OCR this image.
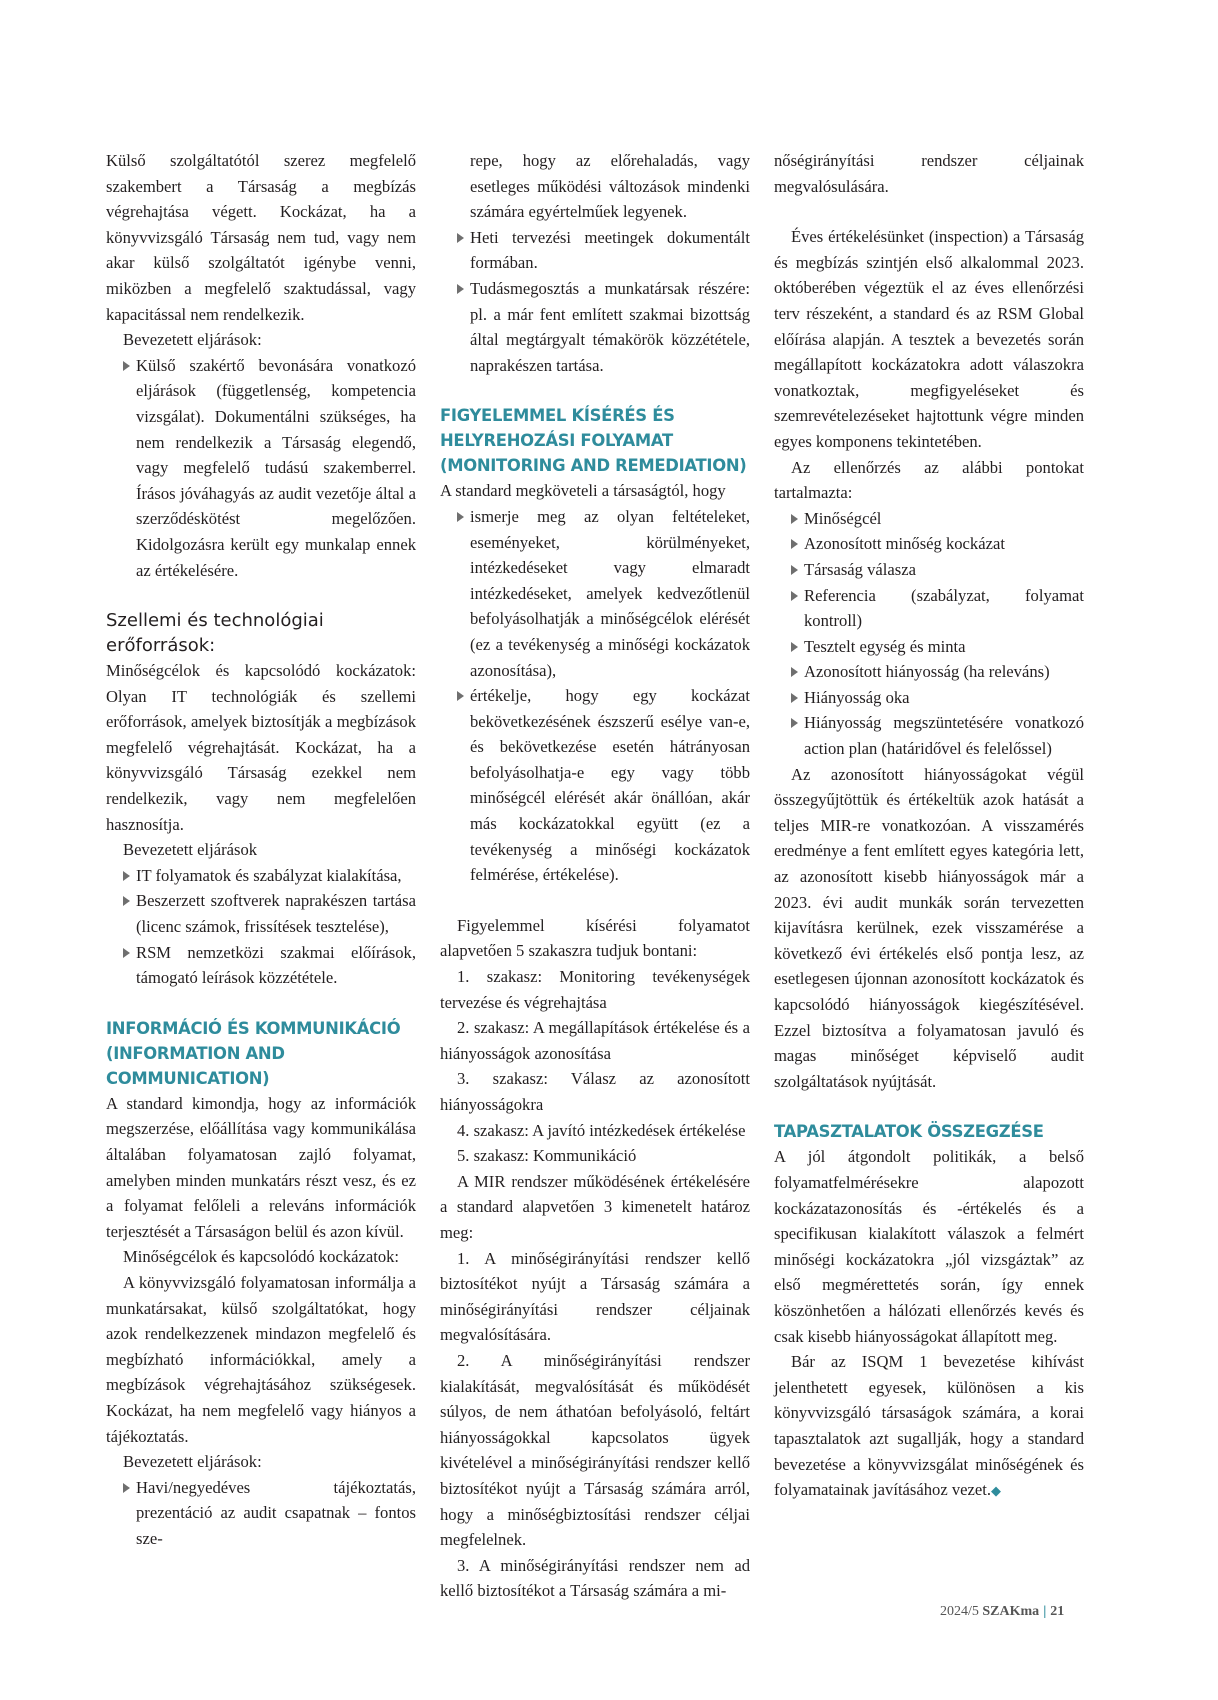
Külső szolgáltatótól szerez megfelelő szakembert a Társaság a megbízás végrehajtása végett. Kockázat, ha a könyvvizsgáló Társaság nem tud, vagy nem akar külső szolgáltatót igénybe venni, miközben a megfelelő szaktudással, vagy kapacitással nem rendelkezik.

Bevezetett eljárások:

Külső szakértő bevonására vonatkozó eljárások (függetlenség, kompetencia vizsgálat). Dokumentálni szükséges, ha nem rendelkezik a Társaság elegendő, vagy megfelelő tudású szakemberrel. Írásos jóváhagyás az audit vezetője által a szerződéskötést megelőzően. Kidolgozásra került egy munkalap ennek az értékelésére.

Szellemi és technológiai erőforrások:

Minőségcélok és kapcsolódó kockázatok: Olyan IT technológiák és szellemi erőforrások, amelyek biztosítják a megbízások megfelelő végrehajtását. Kockázat, ha a könyvvizsgáló Társaság ezekkel nem rendelkezik, vagy nem megfelelően hasznosítja.

Bevezetett eljárások

IT folyamatok és szabályzat kialakítása,
Beszerzett szoftverek naprakészen tartása (licenc számok, frissítések tesztelése),
RSM nemzetközi szakmai előírások, támogató leírások közzététele.

INFORMÁCIÓ ÉS KOMMUNIKÁCIÓ (INFORMATION AND COMMUNICATION)

A standard kimondja, hogy az információk megszerzése, előállítása vagy kommunikálása általában folyamatosan zajló folyamat, amelyben minden munkatárs részt vesz, és ez a folyamat felőleli a releváns információk terjesztését a Társaságon belül és azon kívül.

Minőségcélok és kapcsolódó kockázatok:

A könyvvizsgáló folyamatosan informálja a munkatársakat, külső szolgáltatókat, hogy azok rendelkezzenek mindazon megfelelő és megbízható információkkal, amely a megbízások végrehajtásához szükségesek. Kockázat, ha nem megfelelő vagy hiányos a tájékoztatás.

Bevezetett eljárások:

Havi/negyedéves tájékoztatás, prezentáció az audit csapatnak – fontos sze-
repe, hogy az előrehaladás, vagy esetleges működési változások mindenki számára egyértelműek legyenek.
Heti tervezési meetingek dokumentált formában.
Tudásmegosztás a munkatársak részére: pl. a már fent említett szakmai bizottság által megtárgyalt témakörök közzététele, naprakészen tartása.

FIGYELEMMEL KÍSÉRÉS ÉS HELYREHOZÁSI FOLYAMAT (MONITORING AND REMEDIATION)

A standard megköveteli a társaságtól, hogy

ismerje meg az olyan feltételeket, eseményeket, körülményeket, intézkedéseket vagy elmaradt intézkedéseket, amelyek kedvezőtlenül befolyásolhatják a minőségcélok elérését (ez a tevékenység a minőségi kockázatok azonosítása),
értékelje, hogy egy kockázat bekövetkezésének észszerű esélye van-e, és bekövetkezése esetén hátrányosan befolyásolhatja-e egy vagy több minőségcél elérését akár önállóan, akár más kockázatokkal együtt (ez a tevékenység a minőségi kockázatok felmérése, értékelése).

Figyelemmel kísérési folyamatot alapvetően 5 szakaszra tudjuk bontani:

1. szakasz: Monitoring tevékenységek tervezése és végrehajtása

2. szakasz: A megállapítások értékelése és a hiányosságok azonosítása

3. szakasz: Válasz az azonosított hiányosságokra

4. szakasz: A javító intézkedések értékelése

5. szakasz: Kommunikáció

A MIR rendszer működésének értékelésére a standard alapvetően 3 kimenetelt határoz meg:

1. A minőségirányítási rendszer kellő biztosítékot nyújt a Társaság számára a minőségirányítási rendszer céljainak megvalósítására.

2. A minőségirányítási rendszer kialakítását, megvalósítását és működését súlyos, de nem áthatóan befolyásoló, feltárt hiányosságokkal kapcsolatos ügyek kivételével a minőségirányítási rendszer kellő biztosítékot nyújt a Társaság számára arról, hogy a minőségbiztosítási rendszer céljai megfelelnek.

3. A minőségirányítási rendszer nem ad kellő biztosítékot a Társaság számára a mi-

nőségirányítási rendszer céljainak megvalósulására.

Éves értékelésünket (inspection) a Társaság és megbízás szintjén első alkalommal 2023. októberében végeztük el az éves ellenőrzési terv részeként, a standard és az RSM Global előírása alapján. A tesztek a bevezetés során megállapított kockázatokra adott válaszokra vonatkoztak, megfigyeléseket és szemrevételezéseket hajtottunk végre minden egyes komponens tekintetében.

Az ellenőrzés az alábbi pontokat tartalmazta:

Minőségcél
Azonosított minőség kockázat
Társaság válasza
Referencia (szabályzat, folyamat kontroll)
Tesztelt egység és minta
Azonosított hiányosság (ha releváns)
Hiányosság oka
Hiányosság megszüntetésére vonatkozó action plan (határidővel és felelőssel)

Az azonosított hiányosságokat végül összegyűjtöttük és értékeltük azok hatását a teljes MIR-re vonatkozóan. A visszamérés eredménye a fent említett egyes kategória lett, az azonosított kisebb hiányosságok már a 2023. évi audit munkák során tervezetten kijavításra kerülnek, ezek visszamérése a következő évi értékelés első pontja lesz, az esetlegesen újonnan azonosított kockázatok és kapcsolódó hiányosságok kiegészítésével. Ezzel biztosítva a folyamatosan javuló és magas minőséget képviselő audit szolgáltatások nyújtását.

TAPASZTALATOK ÖSSZEGZÉSE

A jól átgondolt politikák, a belső folyamatfelmérésekre alapozott kockázatazonosítás és -értékelés és a specifikusan kialakított válaszok a felmért minőségi kockázatokra „jól vizsgáztak” az első megmérettetés során, így ennek köszönhetően a hálózati ellenőrzés kevés és csak kisebb hiányosságokat állapított meg.

Bár az ISQM 1 bevezetése kihívást jelenthetett egyesek, különösen a kis könyvvizsgáló társaságok számára, a korai tapasztalatok azt sugallják, hogy a standard bevezetése a könyvvizsgálat minőségének és folyamatainak javításához vezet.◆

2024/5 SZAKma | 21
